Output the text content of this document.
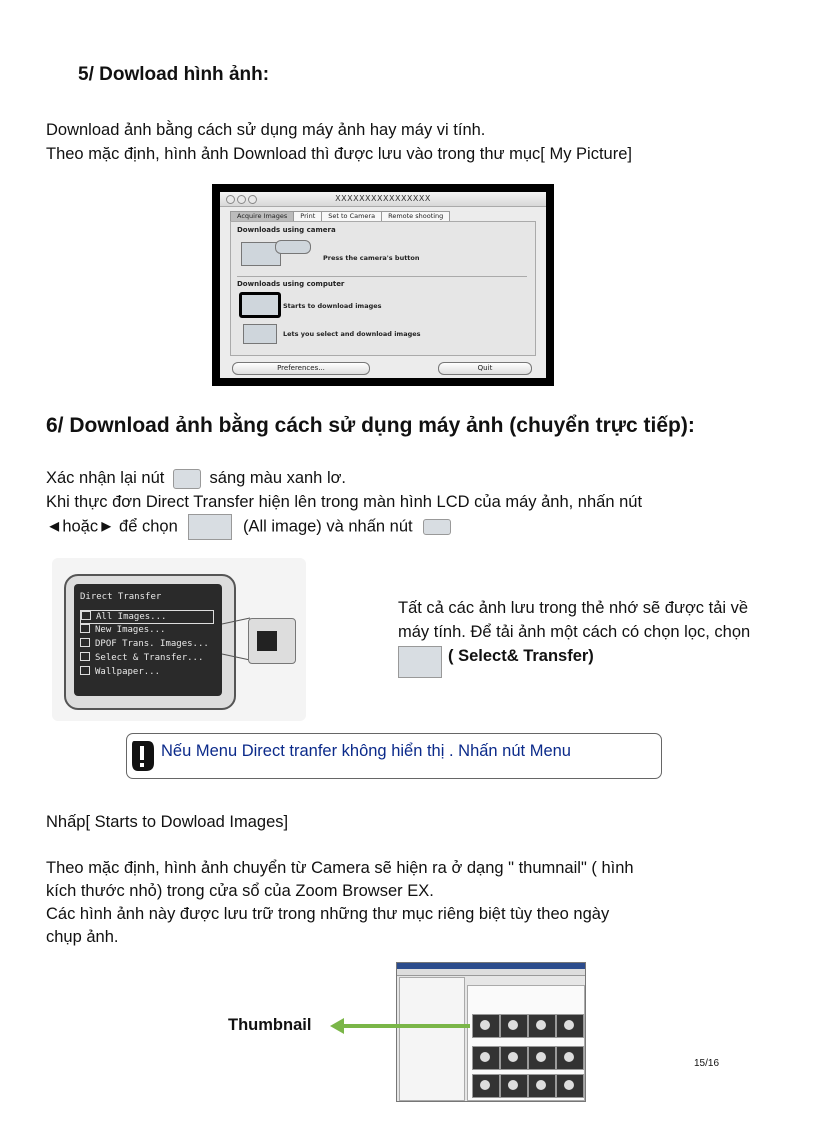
5/ Dowload hình ảnh:
Download ảnh bằng cách sử dụng máy ảnh hay máy vi tính.
Theo mặc định, hình ảnh Download thì được lưu vào trong thư mục[ My Picture]
XXXXXXXXXXXXXXXX
Acquire Images	Print	Set to Camera	Remote shooting
Downloads using camera
Press the camera's button
Downloads using computer
Starts to download images
Lets you select and download images
Preferences...	Quit
6/ Download ảnh bằng cách sử dụng máy ảnh (chuyển trực tiếp):
Xác nhận lại nút	sáng màu xanh lơ.
Khi thực đơn Direct Transfer hiện lên trong màn hình LCD của máy ảnh, nhấn nút
◄hoặc► để chọn	(All image) và nhấn nút
Direct Transfer
All Images...
New Images...
DPOF Trans. Images...
Select & Transfer...
Wallpaper...
Tất cả các ảnh lưu trong thẻ nhớ sẽ được tải về
máy tính. Để tải ảnh một cách có chọn lọc, chọn
( Select& Transfer)
Nếu Menu Direct tranfer không hiển thị . Nhấn nút Menu
Nhấp[ Starts to Dowload Images]
Theo mặc định, hình ảnh chuyển từ Camera sẽ hiện ra ở dạng " thumnail" ( hình
kích thước nhỏ) trong cửa sổ của Zoom Browser EX.
Các hình ảnh này được lưu trữ trong những thư mục riêng biệt tùy theo ngày
chụp ảnh.
Thumbnail
15/16
